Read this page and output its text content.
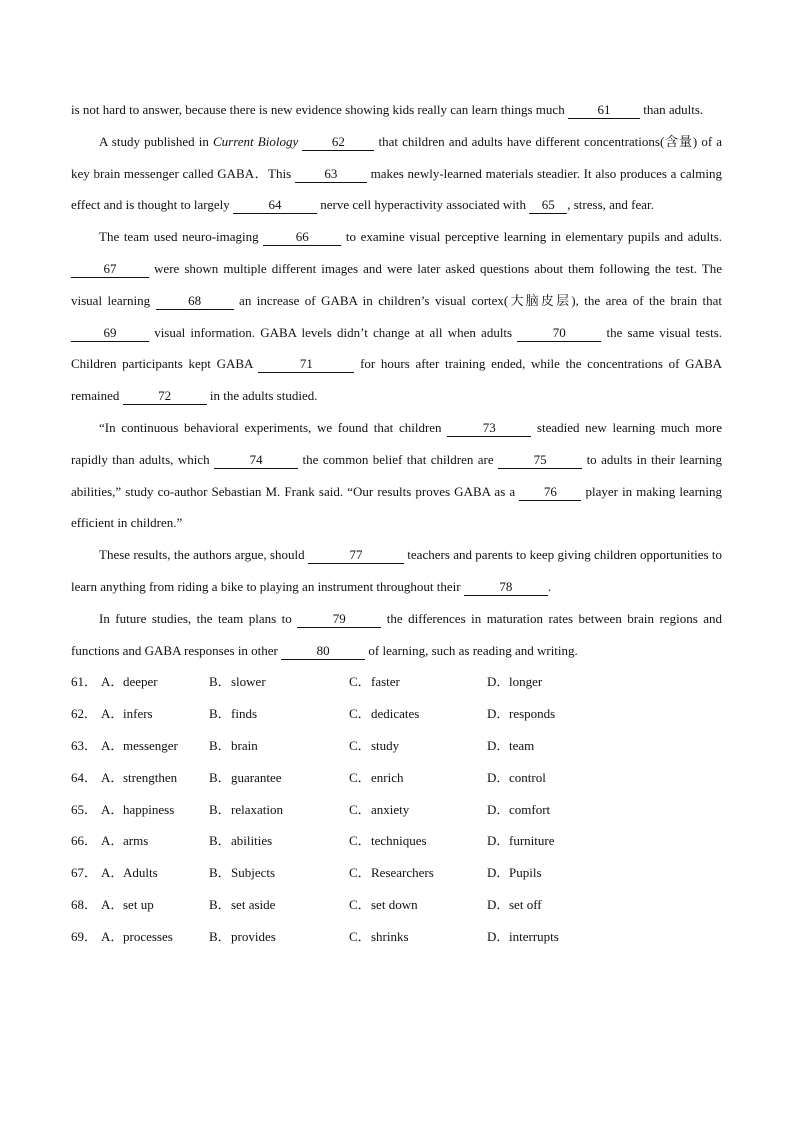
is not hard to answer, because there is new evidence showing kids really can learn things much	61	than adults.

A study published in Current Biology	62	that children and adults have different concentrations(含量) of a key brain messenger called GABA．This	63	makes newly-learned materials steadier. It also produces a calming effect and is thought to largely	64	nerve cell hyperactivity associated with 65 , stress, and fear.

The team used neuro-imaging	66	to examine visual perceptive learning in elementary pupils and adults. 67	were shown multiple different images and were later asked questions about them following the test. The visual learning	68	an increase of GABA in children’s visual cortex(大脑皮层), the area of the brain that 69	visual information. GABA levels didn’t change at all when adults	70	the same visual tests. Children participants kept GABA	71	for hours after training ended, while the concentrations of GABA remained	72	in the adults studied.

“In continuous behavioral experiments, we found that children	73	steadied new learning much more rapidly than adults, which	74	the common belief that children are	75	to adults in their learning abilities,” study co-author Sebastian M. Frank said. “Our results proves GABA as a 76 player in making learning efficient in children.”

These results, the authors argue, should	77	teachers and parents to keep giving children opportunities to learn anything from riding a bike to playing an instrument throughout their	78	.

In future studies, the team plans to	79	the differences in maturation rates between brain regions and functions and GABA responses in other	80	of learning, such as reading and writing.

61． A．deeper	B．slower	C．faster	D．longer
62． A．infers	B．finds	C．dedicates	D．responds
63． A．messenger	B．brain	C．study	D．team
64． A．strengthen	B．guarantee	C．enrich	D．control
65． A．happiness	B．relaxation	C．anxiety	D．comfort
66． A．arms	B．abilities	C．techniques	D．furniture
67． A．Adults	B．Subjects	C．Researchers	D．Pupils
68． A．set up	B．set aside	C．set down	D．set off
69． A．processes	B．provides	C．shrinks	D．interrupts
